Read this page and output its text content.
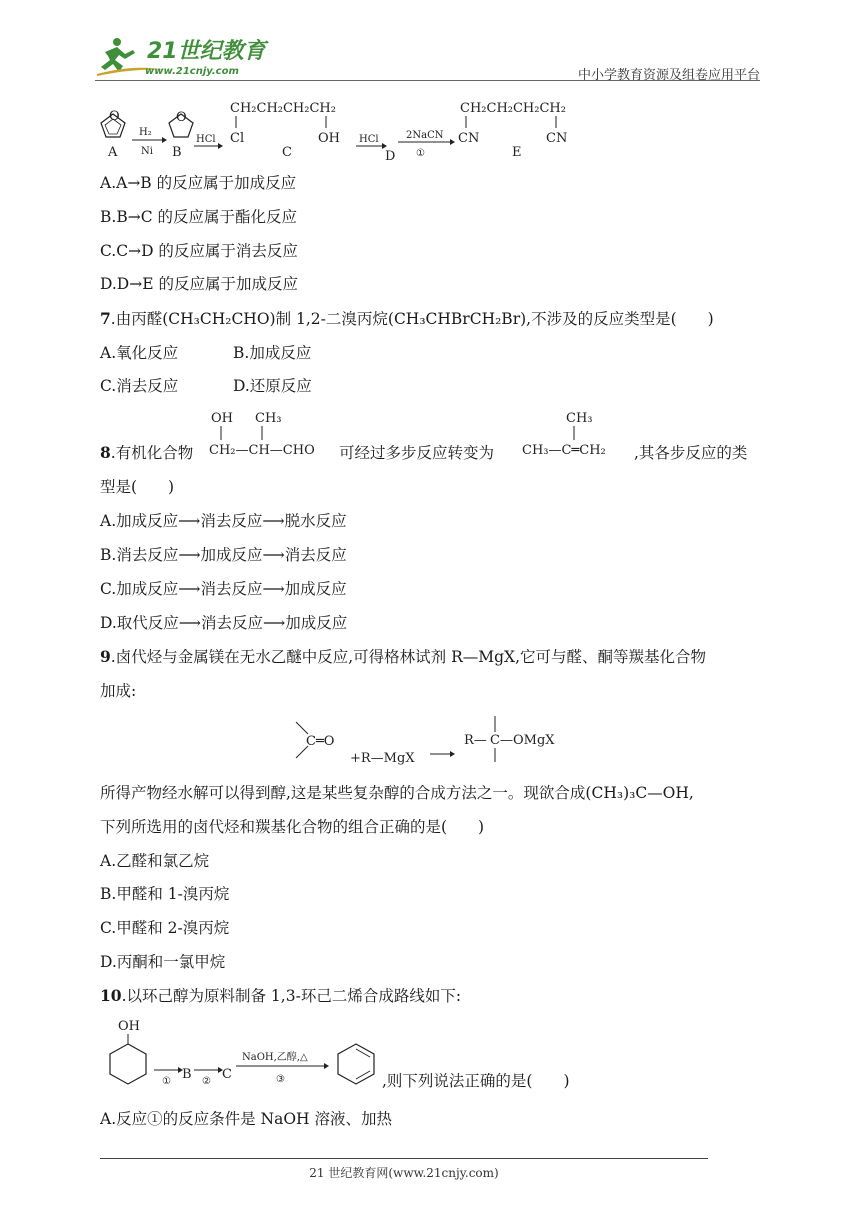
21世纪教育
www.21cnjy.com	中小学教育资源及组卷应用平台
O
A
H₂
Ni
O
B
HCl
CH₂CH₂CH₂CH₂
Cl	OH
C
HCl
D
2NaCN
①
CH₂CH₂CH₂CH₂
CN	CN
E
A.A→B 的反应属于加成反应
B.B→C 的反应属于酯化反应
C.C→D 的反应属于消去反应
D.D→E 的反应属于加成反应
7.由丙醛(CH₃CH₂CHO)制 1,2-二溴丙烷(CH₃CHBrCH₂Br),不涉及的反应类型是(　　)
A.氧化反应	B.加成反应
C.消去反应	D.还原反应
8.有机化合物
OH CH₃
CH₂—CH—CHO 可经过多步反应转变为
CH₃
CH₃—C═CH₂ ,其各步反应的类
型是(　　)
A.加成反应⟶消去反应⟶脱水反应
B.消去反应⟶加成反应⟶消去反应
C.加成反应⟶消去反应⟶加成反应
D.取代反应⟶消去反应⟶加成反应
9.卤代烃与金属镁在无水乙醚中反应,可得格林试剂 R—MgX,它可与醛、酮等羰基化合物
加成:
C═O
+R—MgX
R— C —OMgX
所得产物经水解可以得到醇,这是某些复杂醇的合成方法之一。现欲合成(CH₃)₃C—OH,
下列所选用的卤代烃和羰基化合物的组合正确的是(　　)
A.乙醛和氯乙烷
B.甲醛和 1-溴丙烷
C.甲醛和 2-溴丙烷
D.丙酮和一氯甲烷
10.以环己醇为原料制备 1,3-环己二烯合成路线如下:
OH
① B ② C
NaOH,乙醇,△
③	,则下列说法正确的是(　　)
A.反应①的反应条件是 NaOH 溶液、加热
21 世纪教育网(www.21cnjy.com)
